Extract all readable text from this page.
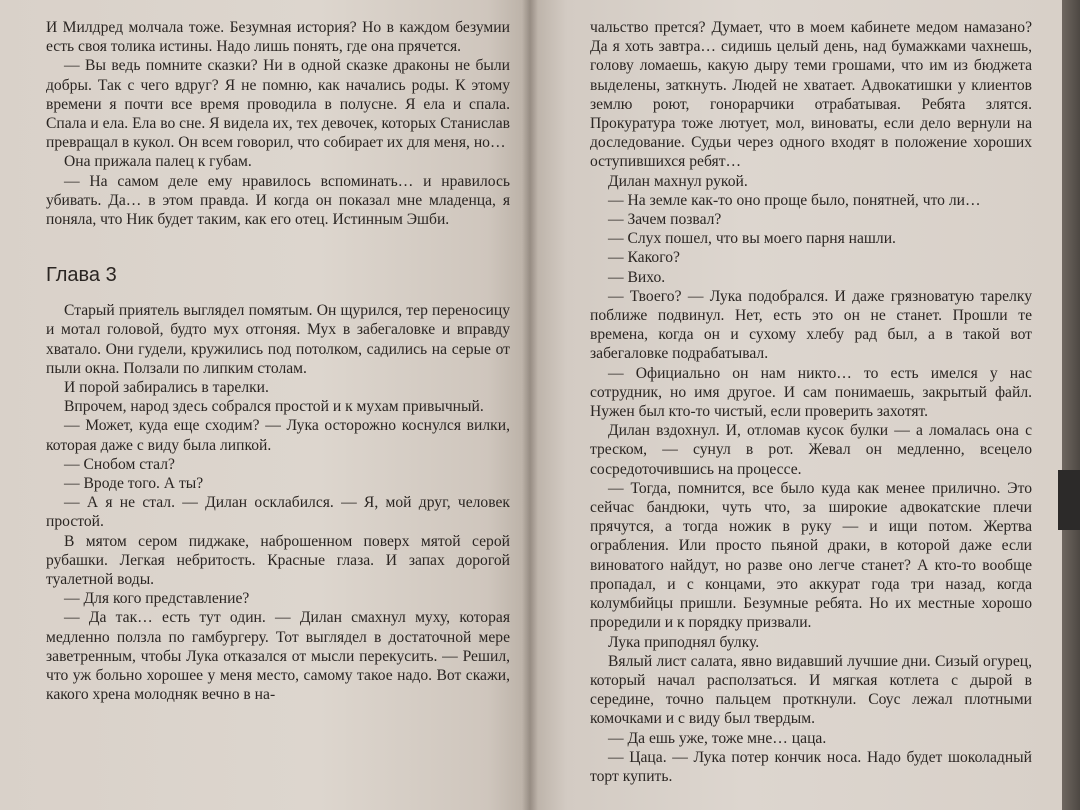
И Милдред молчала тоже. Безумная история? Но в каждом безумии есть своя толика истины. Надо лишь понять, где она прячется.

— Вы ведь помните сказки? Ни в одной сказке драконы не были добры. Так с чего вдруг? Я не помню, как начались роды. К этому времени я почти все время проводила в полусне. Я ела и спала. Спала и ела. Ела во сне. Я видела их, тех девочек, которых Станислав превращал в кукол. Он всем говорил, что собирает их для меня, но…

Она прижала палец к губам.

— На самом деле ему нравилось вспоминать… и нравилось убивать. Да… в этом правда. И когда он показал мне младенца, я поняла, что Ник будет таким, как его отец. Истинным Эшби.

Глава 3

Старый приятель выглядел помятым. Он щурился, тер переносицу и мотал головой, будто мух отгоняя. Мух в забегаловке и вправду хватало. Они гудели, кружились под потолком, садились на серые от пыли окна. Ползали по липким столам.

И порой забирались в тарелки.

Впрочем, народ здесь собрался простой и к мухам привычный.

— Может, куда еще сходим? — Лука осторожно коснулся вилки, которая даже с виду была липкой.

— Снобом стал?

— Вроде того. А ты?

— А я не стал. — Дилан осклабился. — Я, мой друг, человек простой.

В мятом сером пиджаке, наброшенном поверх мятой серой рубашки. Легкая небритость. Красные глаза. И запах дорогой туалетной воды.

— Для кого представление?

— Да так… есть тут один. — Дилан смахнул муху, которая медленно ползла по гамбургеру. Тот выглядел в достаточной мере заветренным, чтобы Лука отказался от мысли перекусить. — Решил, что уж больно хорошее у меня место, самому такое надо. Вот скажи, какого хрена молодняк вечно в на-

чальство прется? Думает, что в моем кабинете медом намазано? Да я хоть завтра… сидишь целый день, над бумажками чахнешь, голову ломаешь, какую дыру теми грошами, что им из бюджета выделены, заткнуть. Людей не хватает. Адвокатишки у клиентов землю роют, гонорарчики отрабатывая. Ребята злятся. Прокуратура тоже лютует, мол, виноваты, если дело вернули на доследование. Судьи через одного входят в положение хороших оступившихся ребят…

Дилан махнул рукой.

— На земле как-то оно проще было, понятней, что ли…

— Зачем позвал?

— Слух пошел, что вы моего парня нашли.

— Какого?

— Вихо.

— Твоего? — Лука подобрался. И даже грязноватую тарелку поближе подвинул. Нет, есть это он не станет. Прошли те времена, когда он и сухому хлебу рад был, а в такой вот забегаловке подрабатывал.

— Официально он нам никто… то есть имелся у нас сотрудник, но имя другое. И сам понимаешь, закрытый файл. Нужен был кто-то чистый, если проверить захотят.

Дилан вздохнул. И, отломав кусок булки — а ломалась она с треском, — сунул в рот. Жевал он медленно, всецело сосредоточившись на процессе.

— Тогда, помнится, все было куда как менее прилично. Это сейчас бандюки, чуть что, за широкие адвокатские плечи прячутся, а тогда ножик в руку — и ищи потом. Жертва ограбления. Или просто пьяной драки, в которой даже если виноватого найдут, но разве оно легче станет? А кто-то вообще пропадал, и с концами, это аккурат года три назад, когда колумбийцы пришли. Безумные ребята. Но их местные хорошо проредили и к порядку призвали.

Лука приподнял булку.

Вялый лист салата, явно видавший лучшие дни. Сизый огурец, который начал расползаться. И мягкая котлета с дырой в середине, точно пальцем проткнули. Соус лежал плотными комочками и с виду был твердым.

— Да ешь уже, тоже мне… цаца.

— Цаца. — Лука потер кончик носа. Надо будет шоколадный торт купить.
